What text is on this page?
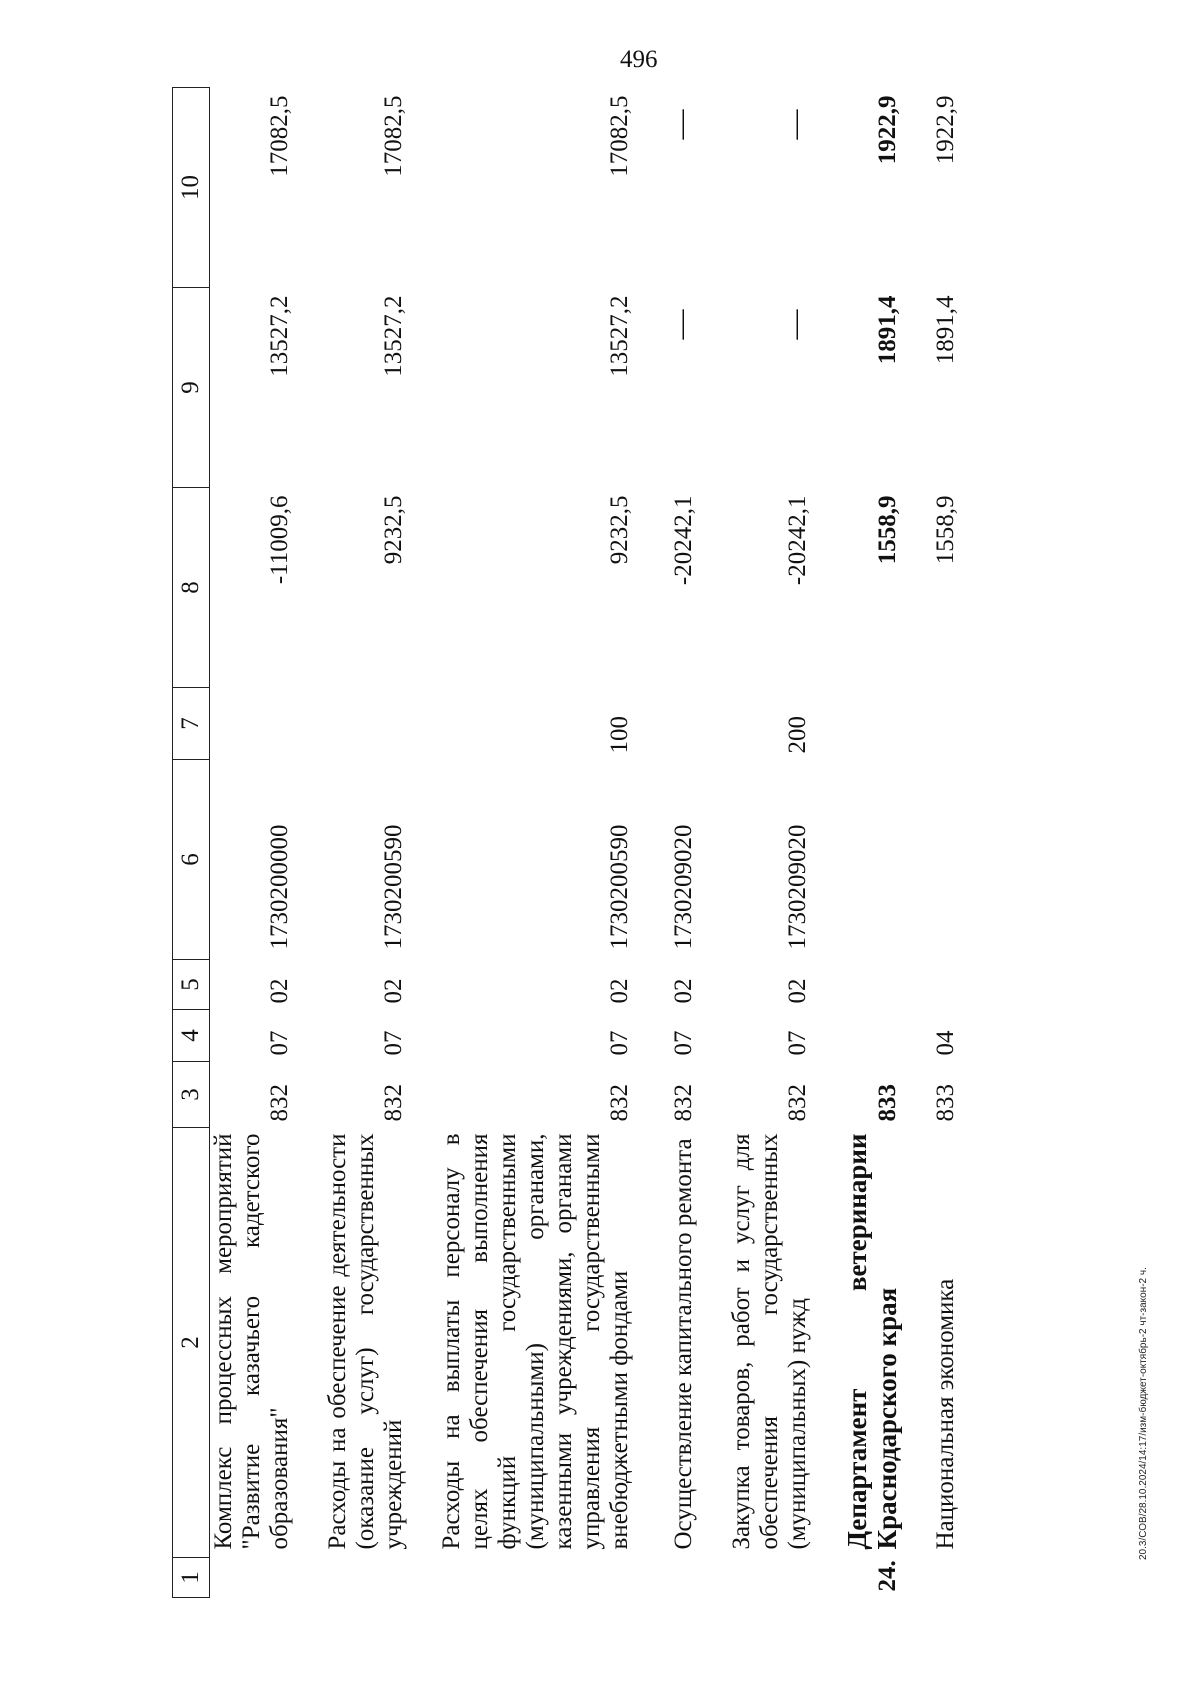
496
20.3/СОВ/28.10.2024/14:17/изм-бюджет-октябрь-2 чт-закон-2 ч.
1	2	3	4	5	6	7	8	9	10
	Комплекс процессных мероприятий "Развитие казачьего кадетского образования"	832	07	02	1730200000		-11009,6	13527,2	17082,5

	Расходы на обеспечение деятельности (оказание услуг) государственных учреждений	832	07	02	1730200590		9232,5	13527,2	17082,5

	Расходы на выплаты персоналу в целях обеспечения выполнения функций государственными (муниципальными) органами, казенными учреждениями, органами управления государственными внебюджетными фондами	832	07	02	1730200590	100	9232,5	13527,2	17082,5

	Осуществление капитального ремонта	832	07	02	1730209020		-20242,1	—	—

	Закупка товаров, работ и услуг для обеспечения государственных (муниципальных) нужд	832	07	02	1730209020	200	-20242,1	—	—

24.	Департамент ветеринарии Краснодарского края	833					1558,9	1891,4	1922,9

	Национальная экономика	833	04				1558,9	1891,4	1922,9
